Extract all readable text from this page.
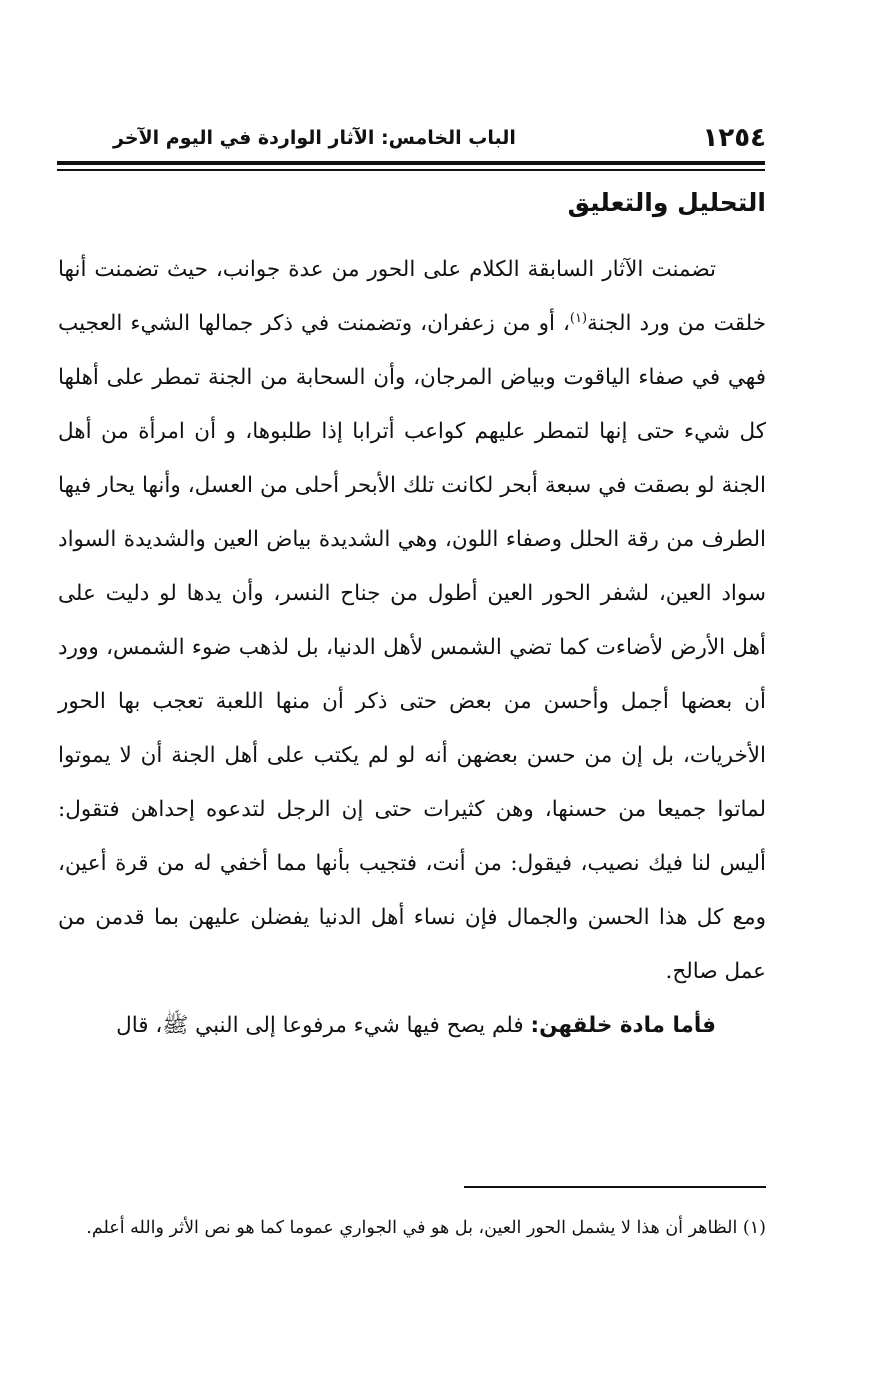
١٢٥٤
الباب الخامس: الآثار الواردة في اليوم الآخر
التحليل والتعليق

تضمنت الآثار السابقة الكلام على الحور من عدة جوانب، حيث تضمنت أنها خلقت من ورد الجنة$^{(١)}$، أو من زعفران، وتضمنت في ذكر جمالها الشيء العجيب فهي في صفاء الياقوت وبياض المرجان، وأن السحابة من الجنة تمطر على أهلها كل شيء حتى إنها لتمطر عليهم كواعب أترابا إذا طلبوها، و أن امرأة من أهل الجنة لو بصقت في سبعة أبحر لكانت تلك الأبحر أحلى من العسل، وأنها يحار فيها الطرف من رقة الحلل وصفاء اللون، وهي الشديدة بياض العين والشديدة السواد سواد العين، لشفر الحور العين أطول من جناح النسر، وأن يدها لو دليت على أهل الأرض لأضاءت كما تضي الشمس لأهل الدنيا، بل لذهب ضوء الشمس، وورد أن بعضها أجمل وأحسن من بعض حتى ذكر أن منها اللعبة تعجب بها الحور الأخريات، بل إن من حسن بعضهن أنه لو لم يكتب على أهل الجنة أن لا يموتوا لماتوا جميعا من حسنها، وهن كثيرات حتى إن الرجل لتدعوه إحداهن فتقول: أليس لنا فيك نصيب، فيقول: من أنت، فتجيب بأنها مما أخفي له من قرة أعين، ومع كل هذا الحسن والجمال فإن نساء أهل الدنيا يفضلن عليهن بما قدمن من عمل صالح.

فأما مادة خلقهن: فلم يصح فيها شيء مرفوعا إلى النبي ﷺ، قال

(١) الظاهر أن هذا لا يشمل الحور العين، بل هو في الجواري عموما كما هو نص الأثر والله أعلم.
